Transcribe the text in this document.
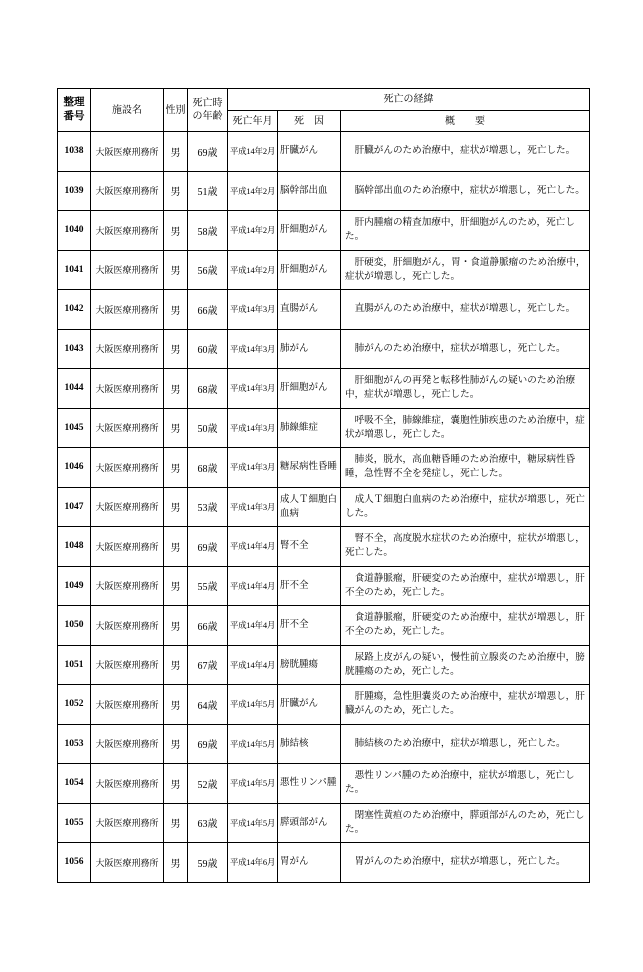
整理
番号	施設名	性別	死亡時
の年齢	死亡の経緯		
				死亡年月	死　因	概　　要
1038	大阪医療刑務所	男	69歳	平成14年2月	肝臓がん	肝臓がんのため治療中，症状が増悪し，死亡した。
1039	大阪医療刑務所	男	51歳	平成14年2月	脳幹部出血	脳幹部出血のため治療中，症状が増悪し，死亡した。
1040	大阪医療刑務所	男	58歳	平成14年2月	肝細胞がん	肝内腫瘤の精査加療中，肝細胞がんのため，死亡した。
1041	大阪医療刑務所	男	56歳	平成14年2月	肝細胞がん	肝硬変，肝細胞がん，胃・食道静脈瘤のため治療中，症状が増悪し，死亡した。
1042	大阪医療刑務所	男	66歳	平成14年3月	直腸がん	直腸がんのため治療中，症状が増悪し，死亡した。
1043	大阪医療刑務所	男	60歳	平成14年3月	肺がん	肺がんのため治療中，症状が増悪し，死亡した。
1044	大阪医療刑務所	男	68歳	平成14年3月	肝細胞がん	肝細胞がんの再発と転移性肺がんの疑いのため治療中，症状が増悪し，死亡した。
1045	大阪医療刑務所	男	50歳	平成14年3月	肺線維症	呼吸不全，肺線維症，嚢胞性肺疾患のため治療中，症状が増悪し，死亡した。
1046	大阪医療刑務所	男	68歳	平成14年3月	糖尿病性昏睡	肺炎，脱水，高血糖昏睡のため治療中，糖尿病性昏睡，急性腎不全を発症し，死亡した。
1047	大阪医療刑務所	男	53歳	平成14年3月	成人Ｔ細胞白血病	成人Ｔ細胞白血病のため治療中，症状が増悪し，死亡した。
1048	大阪医療刑務所	男	69歳	平成14年4月	腎不全	腎不全，高度脱水症状のため治療中，症状が増悪し，死亡した。
1049	大阪医療刑務所	男	55歳	平成14年4月	肝不全	食道静脈瘤，肝硬変のため治療中，症状が増悪し，肝不全のため，死亡した。
1050	大阪医療刑務所	男	66歳	平成14年4月	肝不全	食道静脈瘤，肝硬変のため治療中，症状が増悪し，肝不全のため，死亡した。
1051	大阪医療刑務所	男	67歳	平成14年4月	膀胱腫瘍	尿路上皮がんの疑い，慢性前立腺炎のため治療中，膀胱腫瘍のため，死亡した。
1052	大阪医療刑務所	男	64歳	平成14年5月	肝臓がん	肝腫瘍，急性胆嚢炎のため治療中，症状が増悪し，肝臓がんのため，死亡した。
1053	大阪医療刑務所	男	69歳	平成14年5月	肺結核	肺結核のため治療中，症状が増悪し，死亡した。
1054	大阪医療刑務所	男	52歳	平成14年5月	悪性リンパ腫	悪性リンパ腫のため治療中，症状が増悪し，死亡した。
1055	大阪医療刑務所	男	63歳	平成14年5月	膵頭部がん	閉塞性黄疸のため治療中，膵頭部がんのため，死亡した。
1056	大阪医療刑務所	男	59歳	平成14年6月	胃がん	胃がんのため治療中，症状が増悪し，死亡した。
